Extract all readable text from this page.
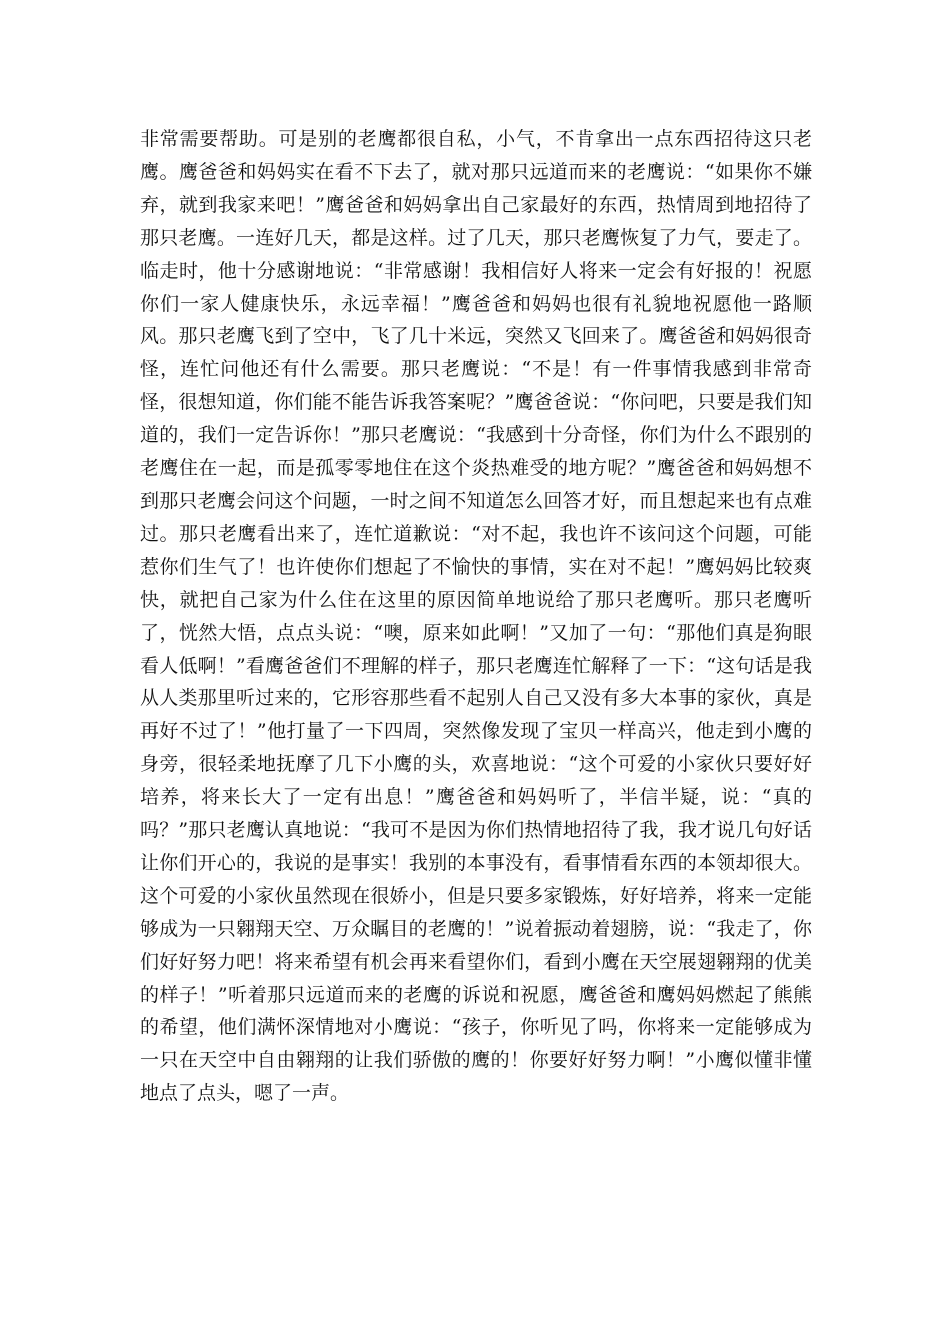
非常需要帮助。可是别的老鹰都很自私，小气，不肯拿出一点东西招待这只老鹰。鹰爸爸和妈妈实在看不下去了，就对那只远道而来的老鹰说：“如果你不嫌弃，就到我家来吧！”鹰爸爸和妈妈拿出自己家最好的东西，热情周到地招待了那只老鹰。一连好几天，都是这样。过了几天，那只老鹰恢复了力气，要走了。临走时，他十分感谢地说：“非常感谢！我相信好人将来一定会有好报的！祝愿你们一家人健康快乐，永远幸福！”鹰爸爸和妈妈也很有礼貌地祝愿他一路顺风。那只老鹰飞到了空中，飞了几十米远，突然又飞回来了。鹰爸爸和妈妈很奇怪，连忙问他还有什么需要。那只老鹰说：“不是！有一件事情我感到非常奇怪，很想知道，你们能不能告诉我答案呢？”鹰爸爸说：“你问吧，只要是我们知道的，我们一定告诉你！”那只老鹰说：“我感到十分奇怪，你们为什么不跟别的老鹰住在一起，而是孤零零地住在这个炎热难受的地方呢？”鹰爸爸和妈妈想不到那只老鹰会问这个问题，一时之间不知道怎么回答才好，而且想起来也有点难过。那只老鹰看出来了，连忙道歉说：“对不起，我也许不该问这个问题，可能惹你们生气了！也许使你们想起了不愉快的事情，实在对不起！”鹰妈妈比较爽快，就把自己家为什么住在这里的原因简单地说给了那只老鹰听。那只老鹰听了，恍然大悟，点点头说：“噢，原来如此啊！”又加了一句：“那他们真是狗眼看人低啊！”看鹰爸爸们不理解的样子，那只老鹰连忙解释了一下：“这句话是我从人类那里听过来的，它形容那些看不起别人自己又没有多大本事的家伙，真是再好不过了！”他打量了一下四周，突然像发现了宝贝一样高兴，他走到小鹰的身旁，很轻柔地抚摩了几下小鹰的头，欢喜地说：“这个可爱的小家伙只要好好培养，将来长大了一定有出息！”鹰爸爸和妈妈听了，半信半疑，说：“真的吗？”那只老鹰认真地说：“我可不是因为你们热情地招待了我，我才说几句好话让你们开心的，我说的是事实！我别的本事没有，看事情看东西的本领却很大。这个可爱的小家伙虽然现在很娇小，但是只要多家锻炼，好好培养，将来一定能够成为一只翱翔天空、万众瞩目的老鹰的！”说着振动着翅膀，说：“我走了，你们好好努力吧！将来希望有机会再来看望你们，看到小鹰在天空展翅翱翔的优美的样子！”听着那只远道而来的老鹰的诉说和祝愿，鹰爸爸和鹰妈妈燃起了熊熊的希望，他们满怀深情地对小鹰说：“孩子，你听见了吗，你将来一定能够成为一只在天空中自由翱翔的让我们骄傲的鹰的！你要好好努力啊！”小鹰似懂非懂地点了点头，嗯了一声。
